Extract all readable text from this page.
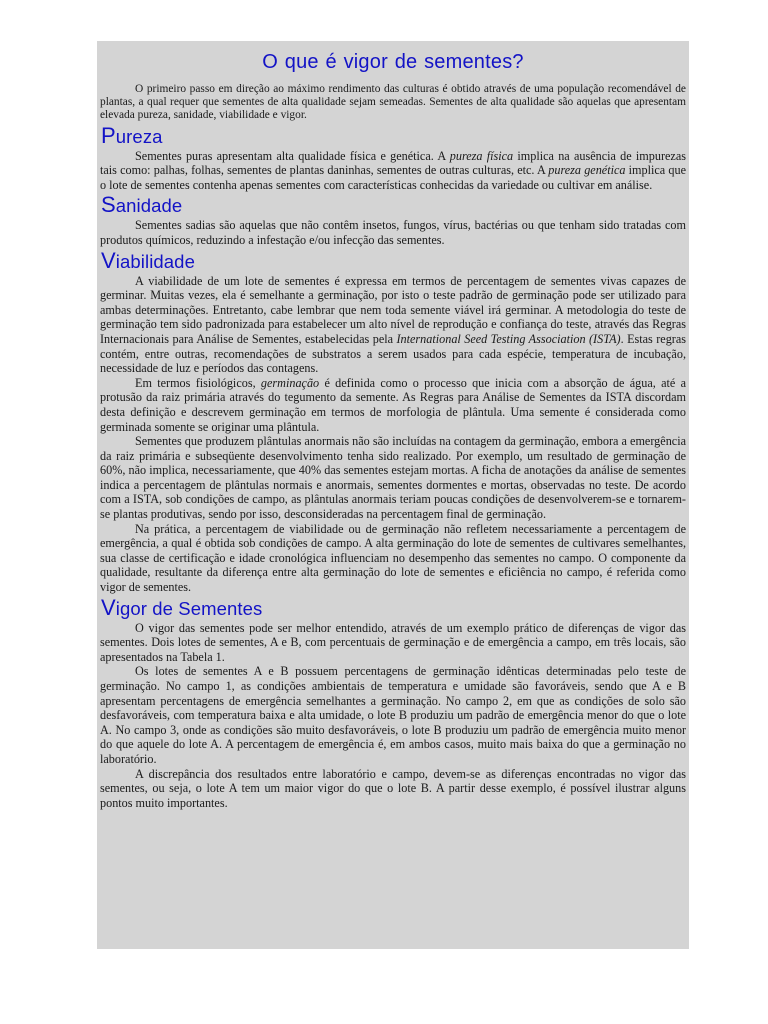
O que é vigor de sementes?

O primeiro passo em direção ao máximo rendimento das culturas é obtido através de uma população recomendável de plantas, a qual requer que sementes de alta qualidade sejam semeadas. Sementes de alta qualidade são aquelas que apresentam elevada pureza, sanidade, viabilidade e vigor.

Pureza

Sementes puras apresentam alta qualidade física e genética. A pureza física implica na ausência de impurezas tais como: palhas, folhas, sementes de plantas daninhas, sementes de outras culturas, etc. A pureza genética implica que o lote de sementes contenha apenas sementes com características conhecidas da variedade ou cultivar em análise.

Sanidade

Sementes sadias são aquelas que não contêm insetos, fungos, vírus, bactérias ou que tenham sido tratadas com produtos químicos, reduzindo a infestação e/ou infecção das sementes.

Viabilidade

A viabilidade de um lote de sementes é expressa em termos de percentagem de sementes vivas capazes de germinar. Muitas vezes, ela é semelhante a germinação, por isto o teste padrão de germinação pode ser utilizado para ambas determinações. Entretanto, cabe lembrar que nem toda semente viável irá germinar. A metodologia do teste de germinação tem sido padronizada para estabelecer um alto nível de reprodução e confiança do teste, através das Regras Internacionais para Análise de Sementes, estabelecidas pela International Seed Testing Association (ISTA). Estas regras contém, entre outras, recomendações de substratos a serem usados para cada espécie, temperatura de incubação, necessidade de luz e períodos das contagens.

Em termos fisiológicos, germinação é definida como o processo que inicia com a absorção de água, até a protusão da raiz primária através do tegumento da semente. As Regras para Análise de Sementes da ISTA discordam desta definição e descrevem germinação em termos de morfologia de plântula. Uma semente é considerada como germinada somente se originar uma plântula.

Sementes que produzem plântulas anormais não são incluídas na contagem da germinação, embora a emergência da raiz primária e subseqüente desenvolvimento tenha sido realizado. Por exemplo, um resultado de germinação de 60%, não implica, necessariamente, que 40% das sementes estejam mortas. A ficha de anotações da análise de sementes indica a percentagem de plântulas normais e anormais, sementes dormentes e mortas, observadas no teste. De acordo com a ISTA, sob condições de campo, as plântulas anormais teriam poucas condições de desenvolverem-se e tornarem-se plantas produtivas, sendo por isso, desconsideradas na percentagem final de germinação.

Na prática, a percentagem de viabilidade ou de germinação não refletem necessariamente a percentagem de emergência, a qual é obtida sob condições de campo. A alta germinação do lote de sementes de cultivares semelhantes, sua classe de certificação e idade cronológica influenciam no desempenho das sementes no campo. O componente da qualidade, resultante da diferença entre alta germinação do lote de sementes e eficiência no campo, é referida como vigor de sementes.

Vigor de Sementes

O vigor das sementes pode ser melhor entendido, através de um exemplo prático de diferenças de vigor das sementes. Dois lotes de sementes, A e B, com percentuais de germinação e de emergência a campo, em três locais, são apresentados na Tabela 1.

Os lotes de sementes A e B possuem percentagens de germinação idênticas determinadas pelo teste de germinação. No campo 1, as condições ambientais de temperatura e umidade são favoráveis, sendo que A e B apresentam percentagens de emergência semelhantes a germinação. No campo 2, em que as condições de solo são desfavoráveis, com temperatura baixa e alta umidade, o lote B produziu um padrão de emergência menor do que o lote A. No campo 3, onde as condições são muito desfavoráveis, o lote B produziu um padrão de emergência muito menor do que aquele do lote A. A percentagem de emergência é, em ambos casos, muito mais baixa do que a germinação no laboratório.

A discrepância dos resultados entre laboratório e campo, devem-se as diferenças encontradas no vigor das sementes, ou seja, o lote A tem um maior vigor do que o lote B. A partir desse exemplo, é possível ilustrar alguns pontos muito importantes.
